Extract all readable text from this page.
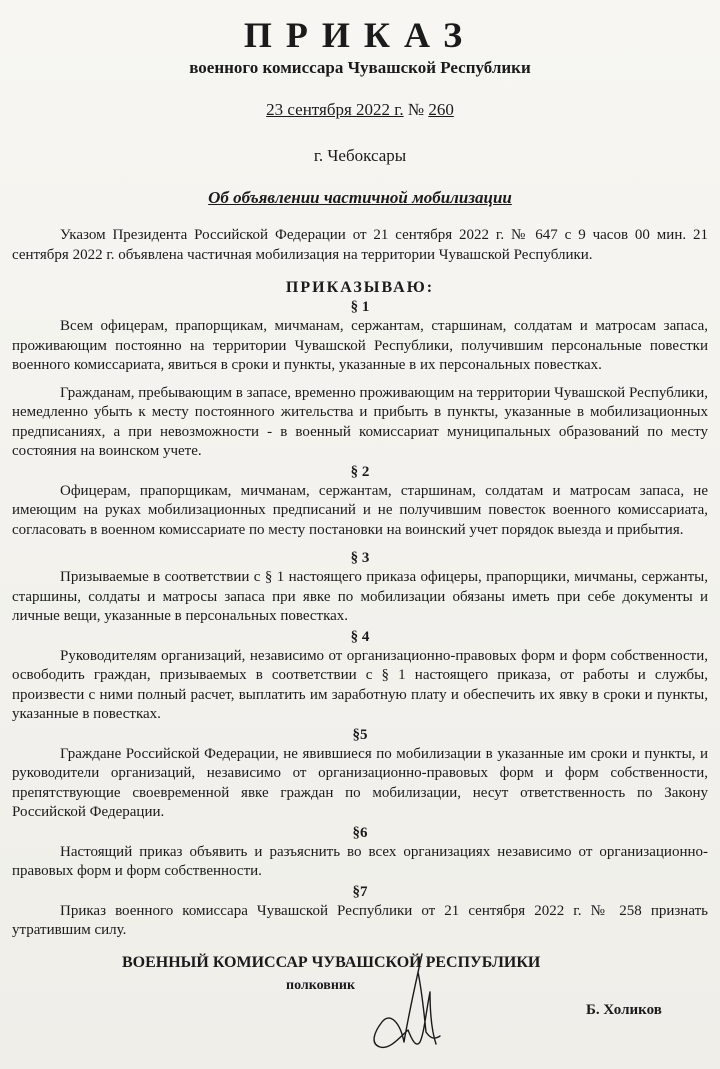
ПРИКАЗ
военного комиссара Чувашской Республики
23 сентября 2022 г. № 260
г. Чебоксары
Об объявлении частичной мобилизации

Указом Президента Российской Федерации от 21 сентября 2022 г. № 647 с 9 часов 00 мин. 21 сентября 2022 г. объявлена частичная мобилизация на территории Чувашской Республики.

ПРИКАЗЫВАЮ:
§ 1

Всем офицерам, прапорщикам, мичманам, сержантам, старшинам, солдатам и матросам запаса, проживающим постоянно на территории Чувашской Республики, получившим персональные повестки военного комиссариата, явиться в сроки и пункты, указанные в их персональных повестках.

Гражданам, пребывающим в запасе, временно проживающим на территории Чувашской Республики, немедленно убыть к месту постоянного жительства и прибыть в пункты, указанные в мобилизационных предписаниях, а при невозможности - в военный комиссариат муниципальных образований по месту состояния на воинском учете.

§ 2

Офицерам, прапорщикам, мичманам, сержантам, старшинам, солдатам и матросам запаса, не имеющим на руках мобилизационных предписаний и не получившим повесток военного комиссариата, согласовать в военном комиссариате по месту постановки на воинский учет порядок выезда и прибытия.

§ 3

Призываемые в соответствии с § 1 настоящего приказа офицеры, прапорщики, мичманы, сержанты, старшины, солдаты и матросы запаса при явке по мобилизации обязаны иметь при себе документы и личные вещи, указанные в персональных повестках.

§ 4

Руководителям организаций, независимо от организационно-правовых форм и форм собственности, освободить граждан, призываемых в соответствии с § 1 настоящего приказа, от работы и службы, произвести с ними полный расчет, выплатить им заработную плату и обеспечить их явку в сроки и пункты, указанные в повестках.

§5

Граждане Российской Федерации, не явившиеся по мобилизации в указанные им сроки и пункты, и руководители организаций, независимо от организационно-правовых форм и форм собственности, препятствующие своевременной явке граждан по мобилизации, несут ответственность по Закону Российской Федерации.

§6

Настоящий приказ объявить и разъяснить во всех организациях независимо от организационно-правовых форм и форм собственности.

§7

Приказ военного комиссара Чувашской Республики от 21 сентября 2022 г. № 258 признать утратившим силу.

ВОЕННЫЙ КОМИССАР ЧУВАШСКОЙ РЕСПУБЛИКИ
полковник
Б. Холиков
